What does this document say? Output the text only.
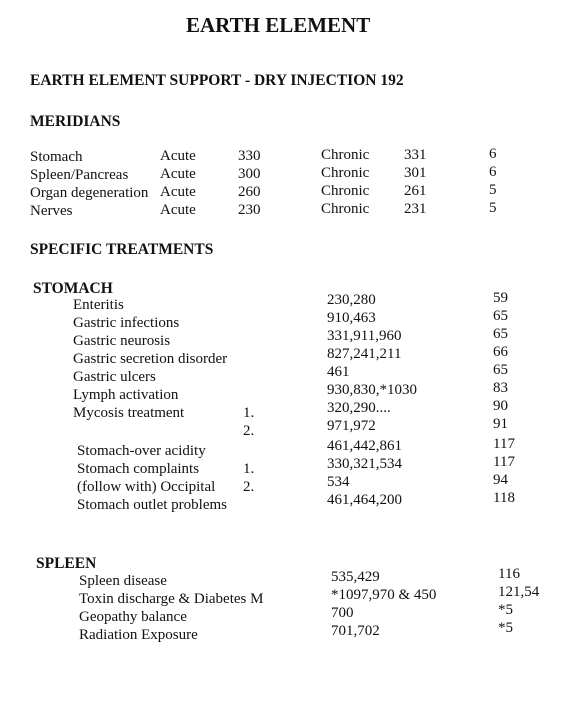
EARTH ELEMENT
EARTH ELEMENT SUPPORT - DRY INJECTION 192
MERIDIANS
Stomach	Acute	330	Chronic 331	6
Spleen/Pancreas Acute	300	Chronic 301	6
Organ degeneration Acute	260	Chronic 261	5
Nerves	Acute	230	Chronic 231	5
SPECIFIC TREATMENTS
STOMACH
Enteritis	230,280	59
Gastric infections	910,463	65
Gastric neurosis	331,911,960	65
Gastric secretion disorder	827,241,211	66
Gastric ulcers	461	65
Lymph activation	930,830,*1030	83
Mycosis treatment	1.	320,290....	90
2.	971,972	91
Stomach-over acidity	461,442,861	117
Stomach complaints	1.	330,321,534	117
(follow with) Occipital 2.	534	94
Stomach outlet problems	461,464,200	118
SPLEEN
Spleen disease	535,429	116
Toxin discharge & Diabetes M	*1097,970 & 450	121,54
Geopathy balance	700	*5
Radiation Exposure	701,702	*5
